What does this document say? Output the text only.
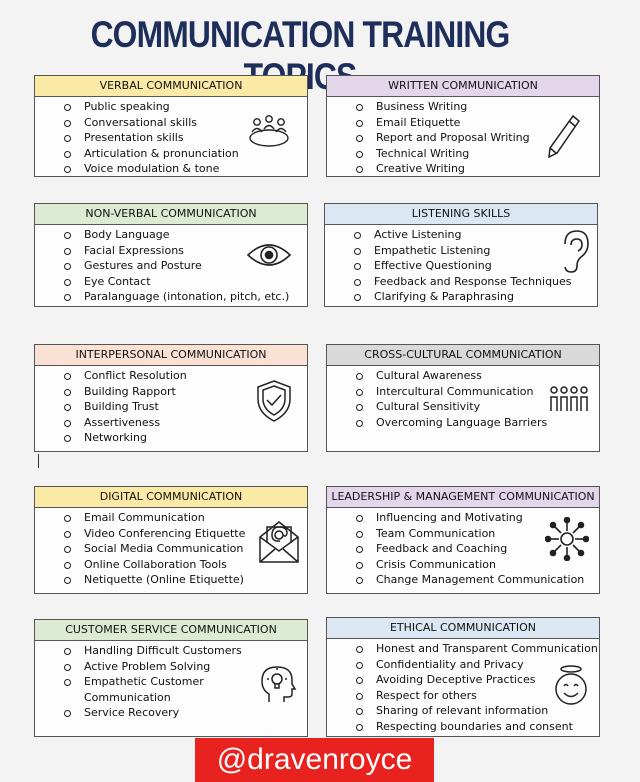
COMMUNICATION TRAINING
VERBAL COMMUNICATION
Public speaking
Conversational skills
Presentation skills
Articulation & pronunciation
Voice modulation & tone
WRITTEN COMMUNICATION
Business Writing
Email Etiquette
Report and Proposal Writing
Technical Writing
Creative Writing
NON-VERBAL COMMUNICATION
Body Language
Facial Expressions
Gestures and Posture
Eye Contact
Paralanguage (intonation, pitch, etc.)
LISTENING SKILLS
Active Listening
Empathetic Listening
Effective Questioning
Feedback and Response Techniques
Clarifying & Paraphrasing
INTERPERSONAL COMMUNICATION
Conflict Resolution
Building Rapport
Building Trust
Assertiveness
Networking
CROSS-CULTURAL COMMUNICATION
Cultural Awareness
Intercultural Communication
Cultural Sensitivity
Overcoming Language Barriers
DIGITAL COMMUNICATION
Email Communication
Video Conferencing Etiquette
Social Media Communication
Online Collaboration Tools
Netiquette (Online Etiquette)
LEADERSHIP & MANAGEMENT COMMUNICATION
Influencing and Motivating
Team Communication
Feedback and Coaching
Crisis Communication
Change Management Communication
CUSTOMER SERVICE COMMUNICATION
Handling Difficult Customers
Active Problem Solving
Empathetic Customer
Communication
Service Recovery
ETHICAL COMMUNICATION
Honest and Transparent Communication
Confidentiality and Privacy
Avoiding Deceptive Practices
Respect for others
Sharing of relevant information
Respecting boundaries and consent
@dravenroyce
